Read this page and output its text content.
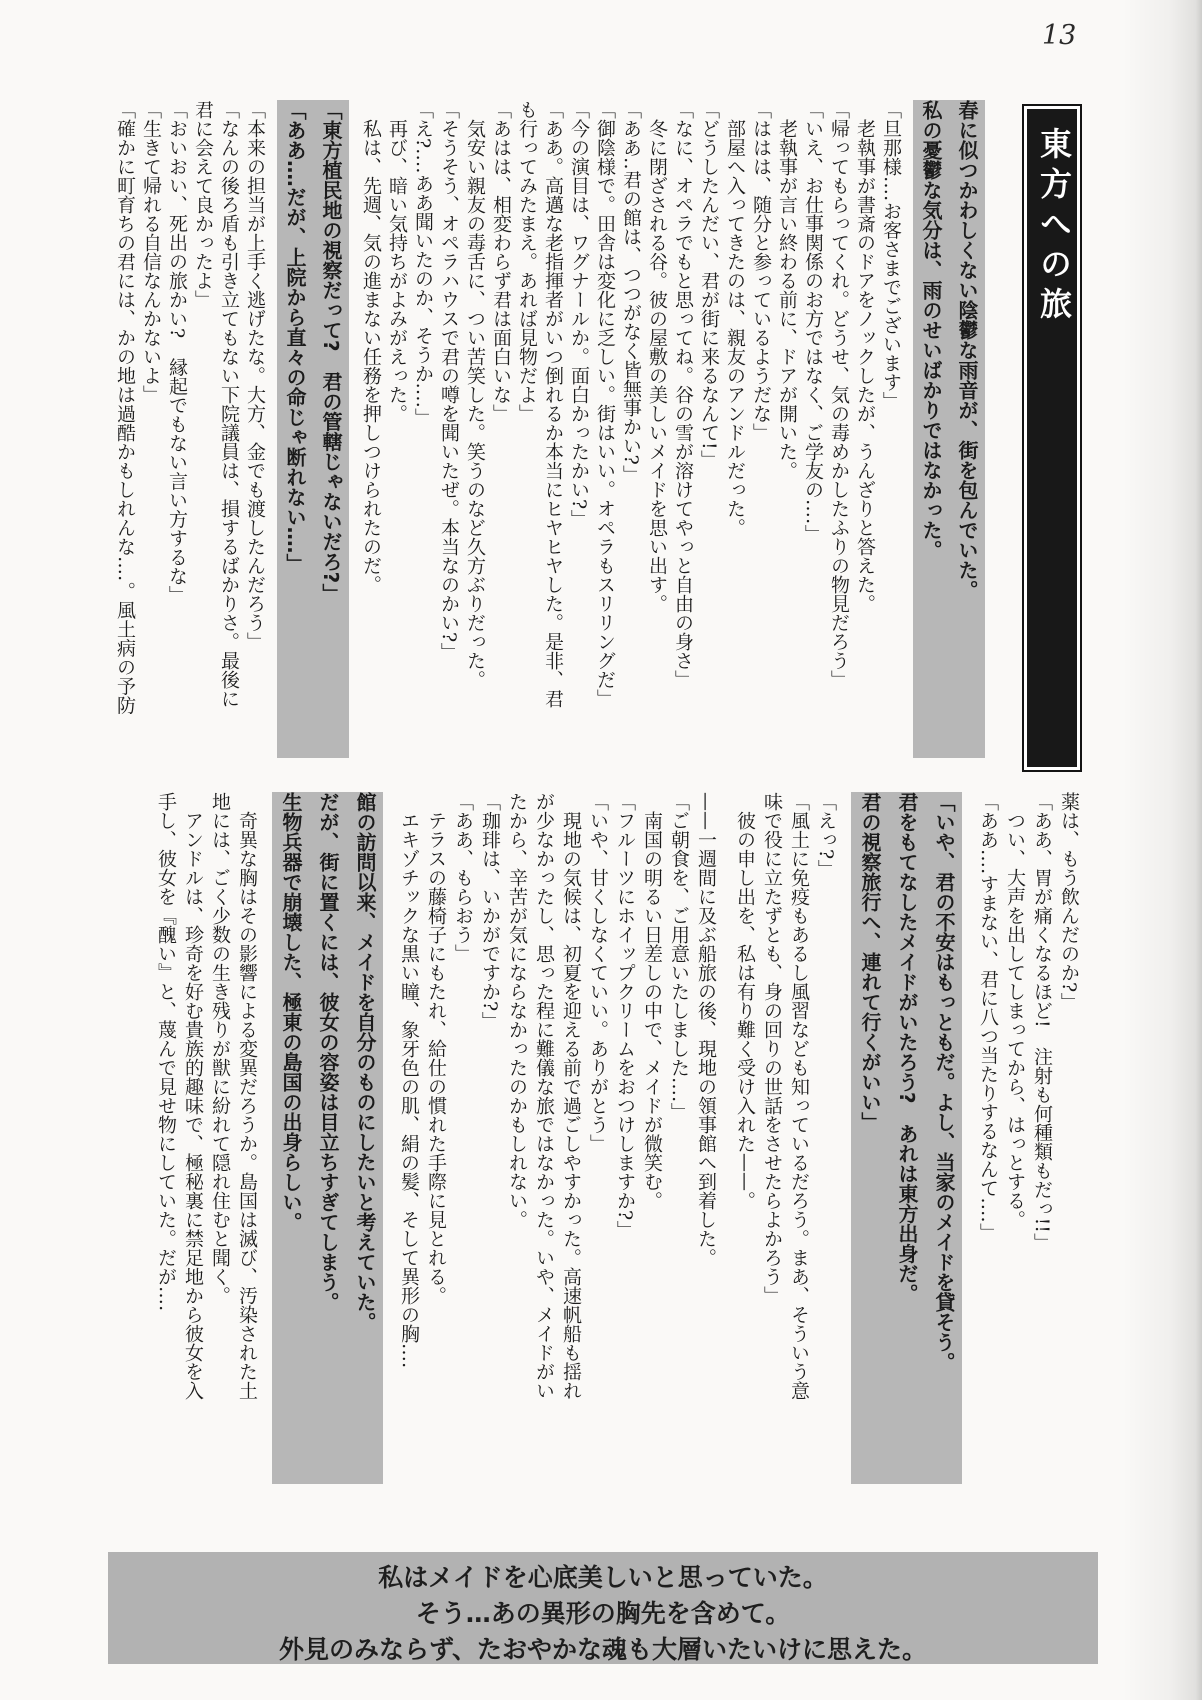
13
東方への旅

春に似つかわしくない陰鬱な雨音が、街を包んでいた。

私の憂鬱な気分は、雨のせいばかりではなかった。

「旦那様‥‥お客さまでございます」

老執事が書斎のドアをノックしたが、うんざりと答えた。

「帰ってもらってくれ。どうせ、気の毒めかしたふりの物見だろう」

「いえ、お仕事関係のお方ではなく、ご学友の‥‥」

老執事が言い終わる前に、ドアが開いた。

「ははは、随分と参っているようだな」

部屋へ入ってきたのは、親友のアンドルだった。

「どうしたんだい、君が街に来るなんて!」

「なに、オペラでもと思ってね。谷の雪が溶けてやっと自由の身さ」

冬に閉ざされる谷。彼の屋敷の美しいメイドを思い出す。

「ああ‥君の館は、つつがなく皆無事かい?」

「御陰様で。田舎は変化に乏しい。街はいい。オペラもスリリングだ」

「今の演目は、ワグナールか。面白かったかい?」

「ああ。高邁な老指揮者がいつ倒れるか本当にヒヤヒヤした。是非、君

も行ってみたまえ。あれば見物だよ」

「あはは、相変わらず君は面白いな」

気安い親友の毒舌に、つい苦笑した。笑うのなど久方ぶりだった。

「そうそう、オペラハウスで君の噂を聞いたぜ。本当なのかい?」

「え?‥‥ああ聞いたのか、そうか‥‥」

再び、暗い気持ちがよみがえった。

私は、先週、気の進まない任務を押しつけられたのだ。

「東方植民地の視察だって?　君の管轄じゃないだろ?」

「ああ‥‥だが、上院から直々の命じゃ断れない‥‥」

「本来の担当が上手く逃げたな。大方、金でも渡したんだろう」

「なんの後ろ盾も引き立てもない下院議員は、損するばかりさ。最後に

君に会えて良かったよ」

「おいおい、死出の旅かい?　縁起でもない言い方するな」

「生きて帰れる自信なんかないよ」

「確かに町育ちの君には、かの地は過酷かもしれんな‥‥。風土病の予防

薬は、もう飲んだのか?」

「ああ、胃が痛くなるほど!　注射も何種類もだっ!!」

つい、大声を出してしまってから、はっとする。

「ああ‥‥すまない、君に八つ当たりするなんて‥‥」

「いや、君の不安はもっともだ。よし、当家のメイドを貸そう。

君をもてなしたメイドがいたろう?　あれは東方出身だ。

君の視察旅行へ、連れて行くがいい」

「えっ?」

「風土に免疫もあるし風習なども知っているだろう。まあ、そういう意

味で役に立たずとも、身の回りの世話をさせたらよかろう」

彼の申し出を、私は有り難く受け入れた——。

——一週間に及ぶ船旅の後、現地の領事館へ到着した。

「ご朝食を、ご用意いたしました‥‥」

南国の明るい日差しの中で、メイドが微笑む。

「フルーツにホイップクリームをおつけしますか?」

「いや、甘くしなくていい。ありがとう」

現地の気候は、初夏を迎える前で過ごしやすかった。高速帆船も揺れ

が少なかったし、思った程に難儀な旅ではなかった。いや、メイドがい

たから、辛苦が気にならなかったのかもしれない。

「珈琲は、いかがですか?」

「ああ、もらおう」

テラスの藤椅子にもたれ、給仕の慣れた手際に見とれる。

エキゾチックな黒い瞳、象牙色の肌、絹の髪、そして異形の胸‥‥

館の訪問以来、メイドを自分のものにしたいと考えていた。

だが、街に置くには、彼女の容姿は目立ちすぎてしまう。

生物兵器で崩壊した、極東の島国の出身らしい。

奇異な胸はその影響による変異だろうか。島国は滅び、汚染された土

地には、ごく少数の生き残りが獣に紛れて隠れ住むと聞く。

アンドルは、珍奇を好む貴族的趣味で、極秘裏に禁足地から彼女を入

手し、彼女を『醜い』と、蔑んで見せ物にしていた。だが‥‥

私はメイドを心底美しいと思っていた。
そう…あの異形の胸先を含めて。
外見のみならず、たおやかな魂も大層いたいけに思えた。
